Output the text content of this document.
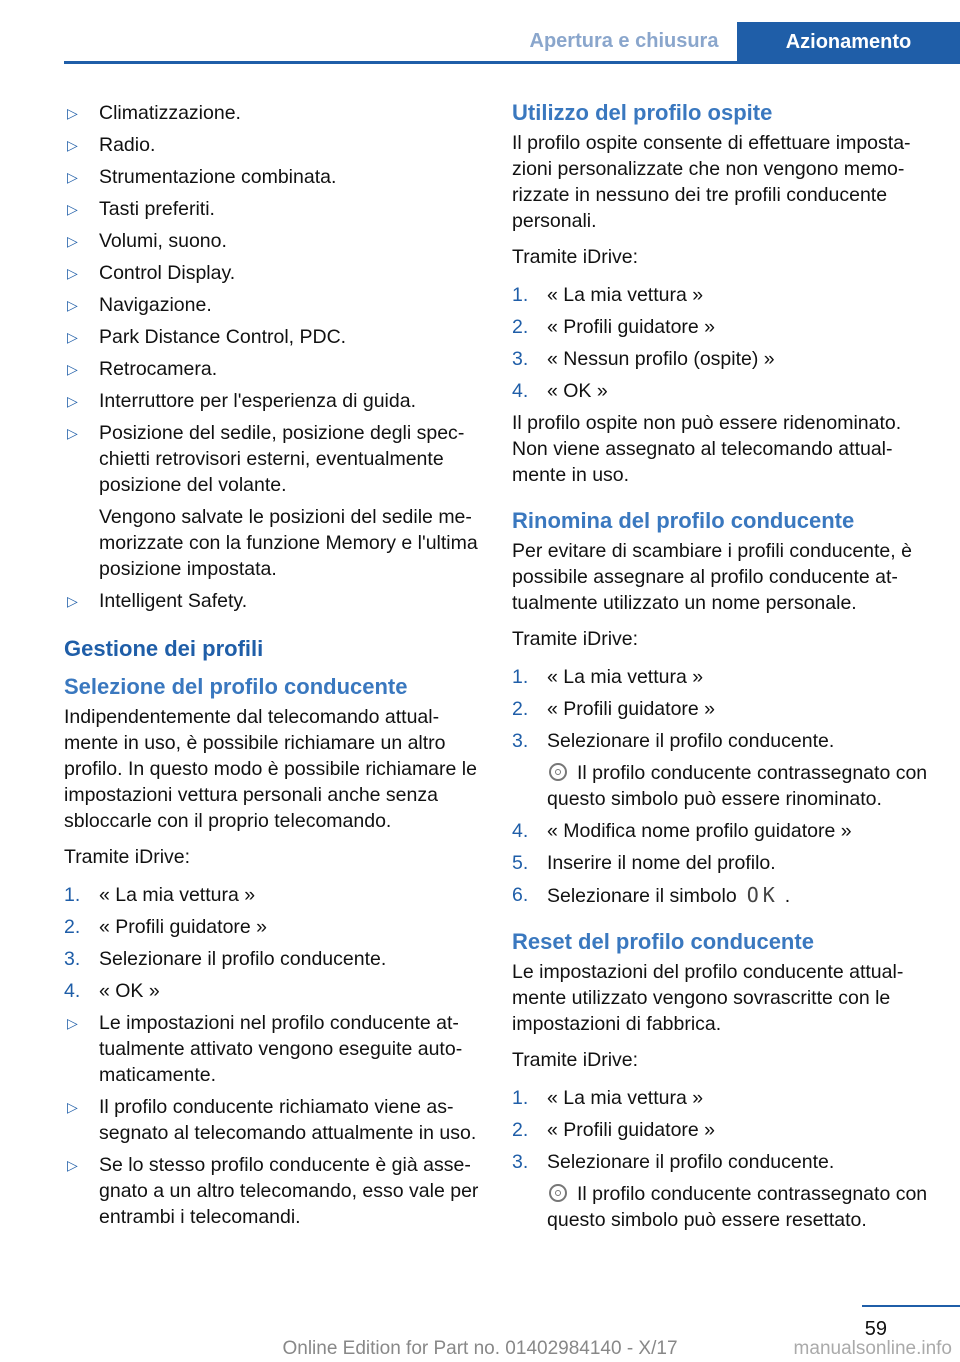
Apertura e chiusura	Azionamento
▷ Climatizzazione.
▷ Radio.
▷ Strumentazione combinata.
▷ Tasti preferiti.
▷ Volumi, suono.
▷ Control Display.
▷ Navigazione.
▷ Park Distance Control, PDC.
▷ Retrocamera.
▷ Interruttore per l'esperienza di guida.
▷ Posizione del sedile, posizione degli specchietti retrovisori esterni, eventualmente posizione del volante.
Vengono salvate le posizioni del sedile memorizzate con la funzione Memory e l'ultima posizione impostata.
▷ Intelligent Safety.
Gestione dei profili
Selezione del profilo conducente
Indipendentemente dal telecomando attualmente in uso, è possibile richiamare un altro profilo. In questo modo è possibile richiamare le impostazioni vettura personali anche senza sbloccarle con il proprio telecomando.
Tramite iDrive:
1. « La mia vettura »
2. « Profili guidatore »
3. Selezionare il profilo conducente.
4. « OK »
▷ Le impostazioni nel profilo conducente attualmente attivato vengono eseguite automaticamente.
▷ Il profilo conducente richiamato viene assegnato al telecomando attualmente in uso.
▷ Se lo stesso profilo conducente è già assegnato a un altro telecomando, esso vale per entrambi i telecomandi.
Utilizzo del profilo ospite
Il profilo ospite consente di effettuare impostazioni personalizzate che non vengono memorizzate in nessuno dei tre profili conducente personali.
Tramite iDrive:
1. « La mia vettura »
2. « Profili guidatore »
3. « Nessun profilo (ospite) »
4. « OK »
Il profilo ospite non può essere ridenominato. Non viene assegnato al telecomando attualmente in uso.
Rinomina del profilo conducente
Per evitare di scambiare i profili conducente, è possibile assegnare al profilo conducente attualmente utilizzato un nome personale.
Tramite iDrive:
1. « La mia vettura »
2. « Profili guidatore »
3. Selezionare il profilo conducente.
Il profilo conducente contrassegnato con questo simbolo può essere rinominato.
4. « Modifica nome profilo guidatore »
5. Inserire il nome del profilo.
6. Selezionare il simbolo OK .
Reset del profilo conducente
Le impostazioni del profilo conducente attualmente utilizzato vengono sovrascritte con le impostazioni di fabbrica.
Tramite iDrive:
1. « La mia vettura »
2. « Profili guidatore »
3. Selezionare il profilo conducente.
Il profilo conducente contrassegnato con questo simbolo può essere resettato.
59
Online Edition for Part no. 01402984140 - X/17	manualsonline.info
